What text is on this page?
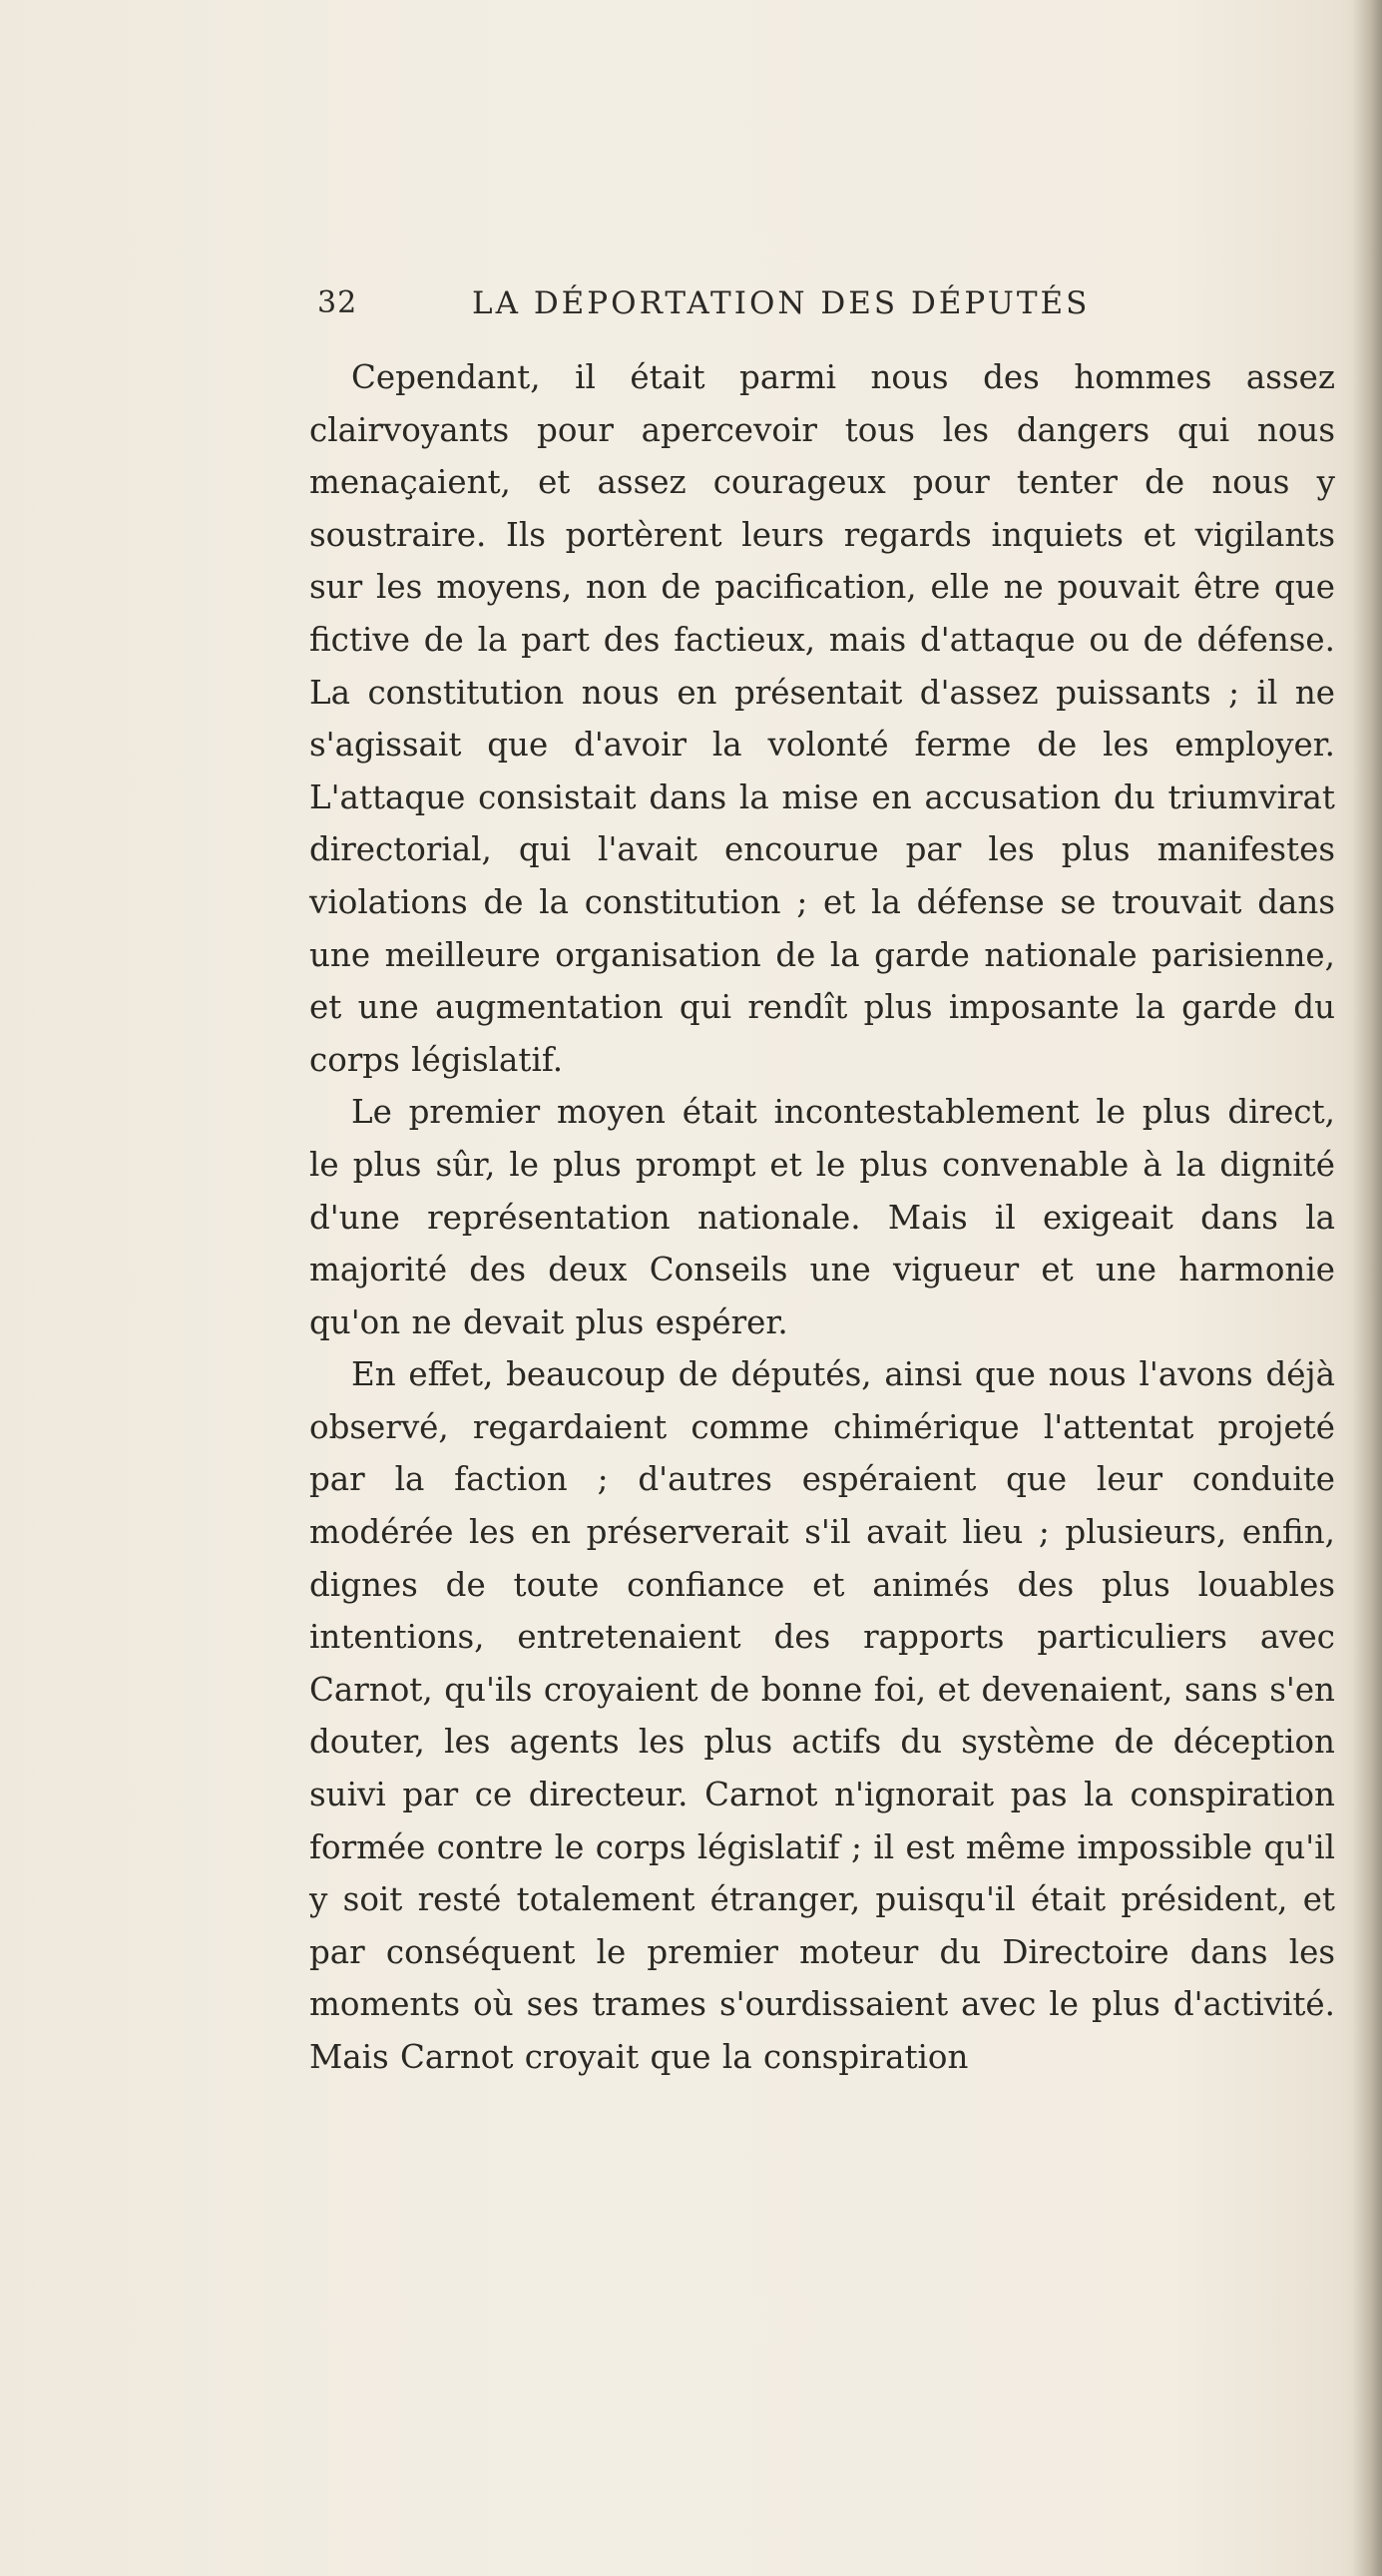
32	LA DÉPORTATION DES DÉPUTÉS

Cependant, il était parmi nous des hommes assez clairvoyants pour apercevoir tous les dangers qui nous menaçaient, et assez courageux pour tenter de nous y soustraire. Ils portèrent leurs regards inquiets et vigilants sur les moyens, non de pacification, elle ne pouvait être que fictive de la part des factieux, mais d'attaque ou de défense. La constitution nous en présentait d'assez puissants ; il ne s'agissait que d'avoir la volonté ferme de les employer. L'attaque consistait dans la mise en accusation du triumvirat directorial, qui l'avait encourue par les plus manifestes violations de la constitution ; et la défense se trouvait dans une meilleure organisation de la garde nationale parisienne, et une augmentation qui rendît plus imposante la garde du corps législatif.

Le premier moyen était incontestablement le plus direct, le plus sûr, le plus prompt et le plus convenable à la dignité d'une représentation nationale. Mais il exigeait dans la majorité des deux Conseils une vigueur et une harmonie qu'on ne devait plus espérer.

En effet, beaucoup de députés, ainsi que nous l'avons déjà observé, regardaient comme chimérique l'attentat projeté par la faction ; d'autres espéraient que leur conduite modérée les en préserverait s'il avait lieu ; plusieurs, enfin, dignes de toute confiance et animés des plus louables intentions, entretenaient des rapports particuliers avec Carnot, qu'ils croyaient de bonne foi, et devenaient, sans s'en douter, les agents les plus actifs du système de déception suivi par ce directeur. Carnot n'ignorait pas la conspiration formée contre le corps législatif ; il est même impossible qu'il y soit resté totalement étranger, puisqu'il était président, et par conséquent le premier moteur du Directoire dans les moments où ses trames s'ourdissaient avec le plus d'activité. Mais Carnot croyait que la conspiration
